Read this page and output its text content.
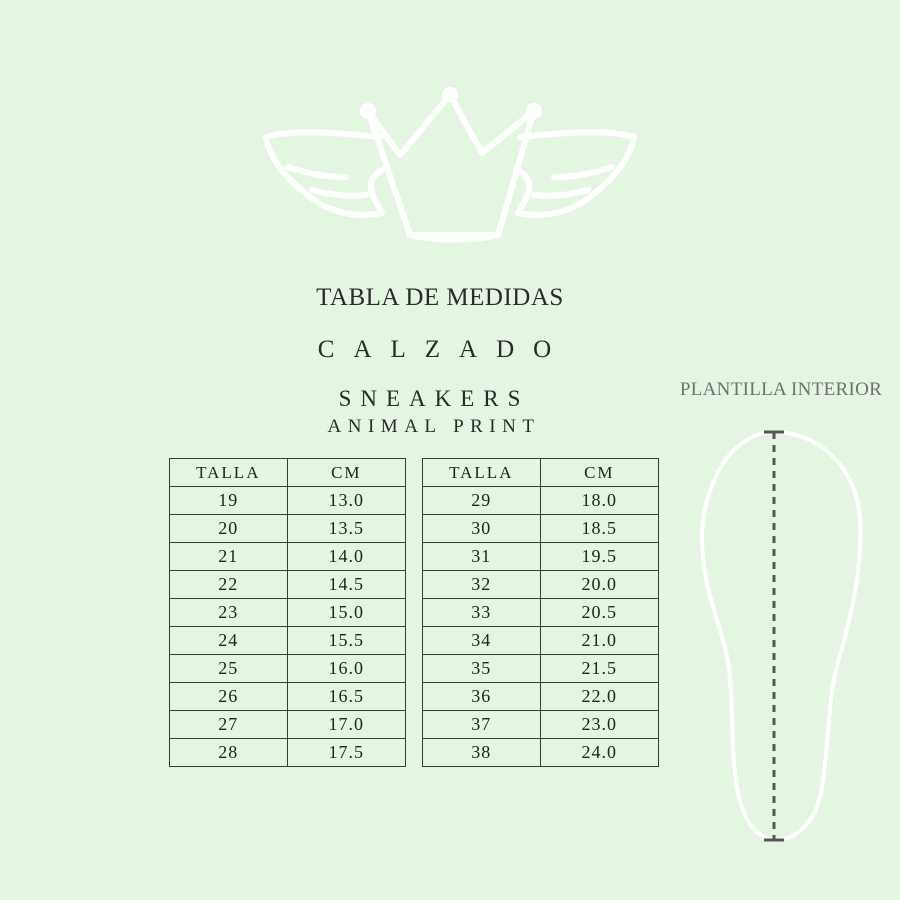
TABLA DE MEDIDAS
CALZADO
SNEAKERS
ANIMAL PRINT
TALLA	CM
19	13.0
20	13.5
21	14.0
22	14.5
23	15.0
24	15.5
25	16.0
26	16.5
27	17.0
28	17.5
TALLA	CM
29	18.0
30	18.5
31	19.5
32	20.0
33	20.5
34	21.0
35	21.5
36	22.0
37	23.0
38	24.0
PLANTILLA INTERIOR
